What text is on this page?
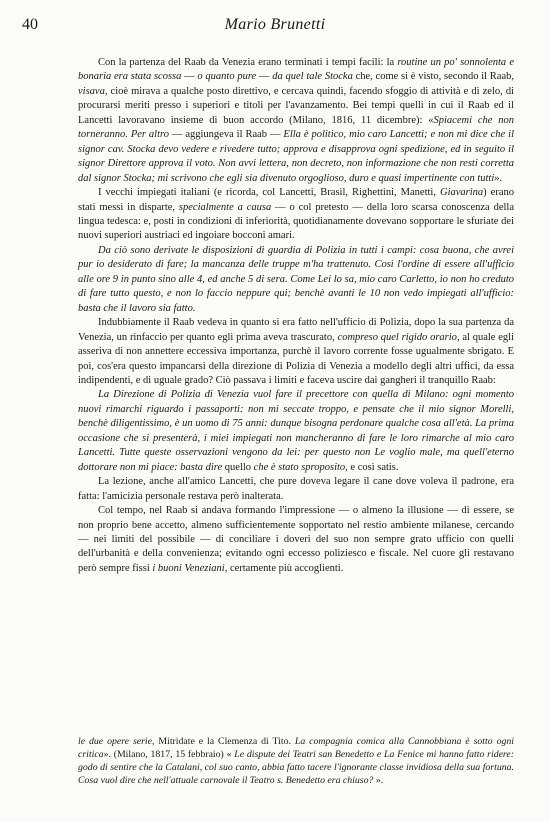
40	Mario Brunetti

Con la partenza del Raab da Venezia erano terminati i tempi facili: la routine un po' sonnolenta e bonaria era stata scossa — o quanto pure — da quel tale Stocka che, come si è visto, secondo il Raab, visava, cioè mirava a qualche posto direttivo, e cercava quindi, facendo sfoggio di attività e di zelo, di procurarsi meriti presso i superiori e titoli per l'avanzamento. Bei tempi quelli in cui il Raab ed il Lancetti lavoravano insieme di buon accordo (Milano, 1816, 11 dicembre): «Spiacemi che non torneranno. Per altro — aggiungeva il Raab — Ella è politico, mio caro Lancetti; e non mi dice che il signor cav. Stocka devo vedere e rivedere tutto; approva e disapprova ogni spedizione, ed in seguito il signor Direttore approva il voto. Non avvi lettera, non decreto, non informazione che non resti corretta dal signor Stocka; mi scrivono che egli sia divenuto orgoglioso, duro e quasi impertinente con tutti».

I vecchi impiegati italiani (e ricorda, col Lancetti, Brasil, Righettini, Manetti, Giavarina) erano stati messi in disparte, specialmente a causa — o col pretesto — della loro scarsa conoscenza della lingua tedesca: e, posti in condizioni di inferiorità, quotidianamente dovevano sopportare le sfuriate dei nuovi superiori austriaci ed ingoiare bocconi amari.

Da ciò sono derivate le disposizioni di guardia di Polizia in tutti i campi: cosa buona, che avrei pur io desiderato di fare; la mancanza delle truppe m'ha trattenuto. Così l'ordine di essere all'ufficio alle ore 9 in punto sino alle 4, ed anche 5 di sera. Come Lei lo sa, mio caro Carletto, io non ho creduto di fare tutto questo, e non lo faccio neppure qui; benchè avanti le 10 non vedo impiegati all'ufficio: basta che il lavoro sia fatto.

Indubbiamente il Raab vedeva in quanto si era fatto nell'ufficio di Polizia, dopo la sua partenza da Venezia, un rinfaccio per quanto egli prima aveva trascurato, compreso quel rigido orario, al quale egli asseriva di non annettere eccessiva importanza, purchè il lavoro corrente fosse ugualmente sbrigato. E poi, cos'era questo impancarsi della direzione di Polizia di Venezia a modello degli altri uffici, da essa indipendenti, e di uguale grado? Ciò passava i limiti e faceva uscire dai gangheri il tranquillo Raab:

La Direzione di Polizia di Venezia vuol fare il precettore con quella di Milano: ogni momento nuovi rimarchi riguardo i passaporti: non mi seccate troppo, e pensate che il mio signor Morelli, benchè diligentissimo, è un uomo di 75 anni: dunque bisogna perdonare qualche cosa all'età. La prima occasione che si presenterà, i miei impiegati non mancheranno di fare le loro rimarche al mio caro Lancetti. Tutte queste osservazioni vengono da lei: per questo non Le voglio male, ma quell'eterno dottorare non mi piace: basta dire quello che è stato sproposito, e così satis.

La lezione, anche all'amico Lancetti, che pure doveva legare il cane dove voleva il padrone, era fatta: l'amicizia personale restava però inalterata.

Col tempo, nel Raab si andava formando l'impressione — o almeno la illusione — di essere, se non proprio bene accetto, almeno sufficientemente sopportato nel restio ambiente milanese, cercando — nei limiti del possibile — di conciliare i doveri del suo non sempre grato ufficio con quelli dell'urbanità e della convenienza; evitando ogni eccesso poliziesco e fiscale. Nel cuore gli restavano però sempre fissi i buoni Veneziani, certamente più accoglienti.

le due opere serie, Mitridate e la Clemenza di Tito. La compagnia comica alla Cannobbiana è sotto ogni critica». (Milano, 1817, 15 febbraio) « Le dispute dei Teatri san Benedetto e La Fenice mi hanno fatto ridere: godo di sentire che la Catalani, col suo canto, abbia fatto tacere l'ignorante classe invidiosa della sua fortuna. Cosa vuol dire che nell'attuale carnovale il Teatro s. Benedetto era chiuso? ».
